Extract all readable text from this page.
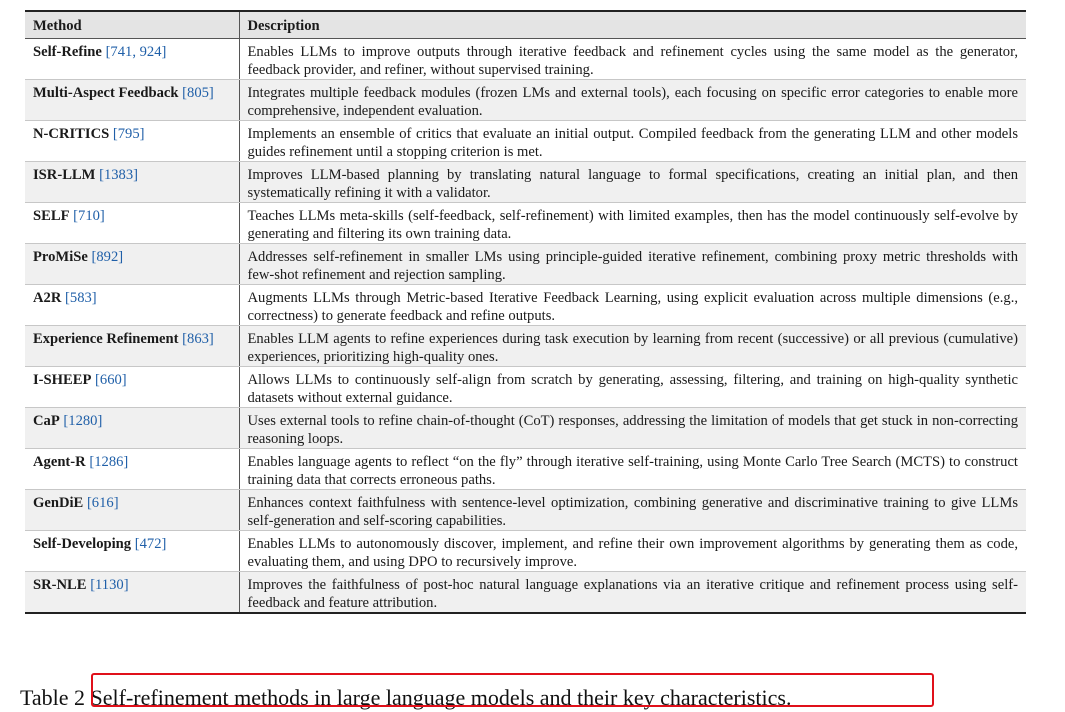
Method	Description
Self-Refine [741, 924]	Enables LLMs to improve outputs through iterative feedback and refinement cycles using the same model as the generator, feedback provider, and refiner, without supervised training.
Multi-Aspect Feedback [805]	Integrates multiple feedback modules (frozen LMs and external tools), each focusing on specific error categories to enable more comprehensive, independent evaluation.
N-CRITICS [795]	Implements an ensemble of critics that evaluate an initial output. Compiled feedback from the generating LLM and other models guides refinement until a stopping criterion is met.
ISR-LLM [1383]	Improves LLM-based planning by translating natural language to formal specifications, creating an initial plan, and then systematically refining it with a validator.
SELF [710]	Teaches LLMs meta-skills (self-feedback, self-refinement) with limited examples, then has the model continuously self-evolve by generating and filtering its own training data.
ProMiSe [892]	Addresses self-refinement in smaller LMs using principle-guided iterative refinement, combining proxy metric thresholds with few-shot refinement and rejection sampling.
A2R [583]	Augments LLMs through Metric-based Iterative Feedback Learning, using explicit evaluation across multiple dimensions (e.g., correctness) to generate feedback and refine outputs.
Experience Refinement [863]	Enables LLM agents to refine experiences during task execution by learning from recent (successive) or all previous (cumulative) experiences, prioritizing high-quality ones.
I-SHEEP [660]	Allows LLMs to continuously self-align from scratch by generating, assessing, filtering, and training on high-quality synthetic datasets without external guidance.
CaP [1280]	Uses external tools to refine chain-of-thought (CoT) responses, addressing the limitation of models that get stuck in non-correcting reasoning loops.
Agent-R [1286]	Enables language agents to reflect “on the fly” through iterative self-training, using Monte Carlo Tree Search (MCTS) to construct training data that corrects erroneous paths.
GenDiE [616]	Enhances context faithfulness with sentence-level optimization, combining generative and discriminative training to give LLMs self-generation and self-scoring capabilities.
Self-Developing [472]	Enables LLMs to autonomously discover, implement, and refine their own improvement algorithms by generating them as code, evaluating them, and using DPO to recursively improve.
SR-NLE [1130]	Improves the faithfulness of post-hoc natural language explanations via an iterative critique and refinement process using self-feedback and feature attribution.
Table 2 Self-refinement methods in large language models and their key characteristics.
